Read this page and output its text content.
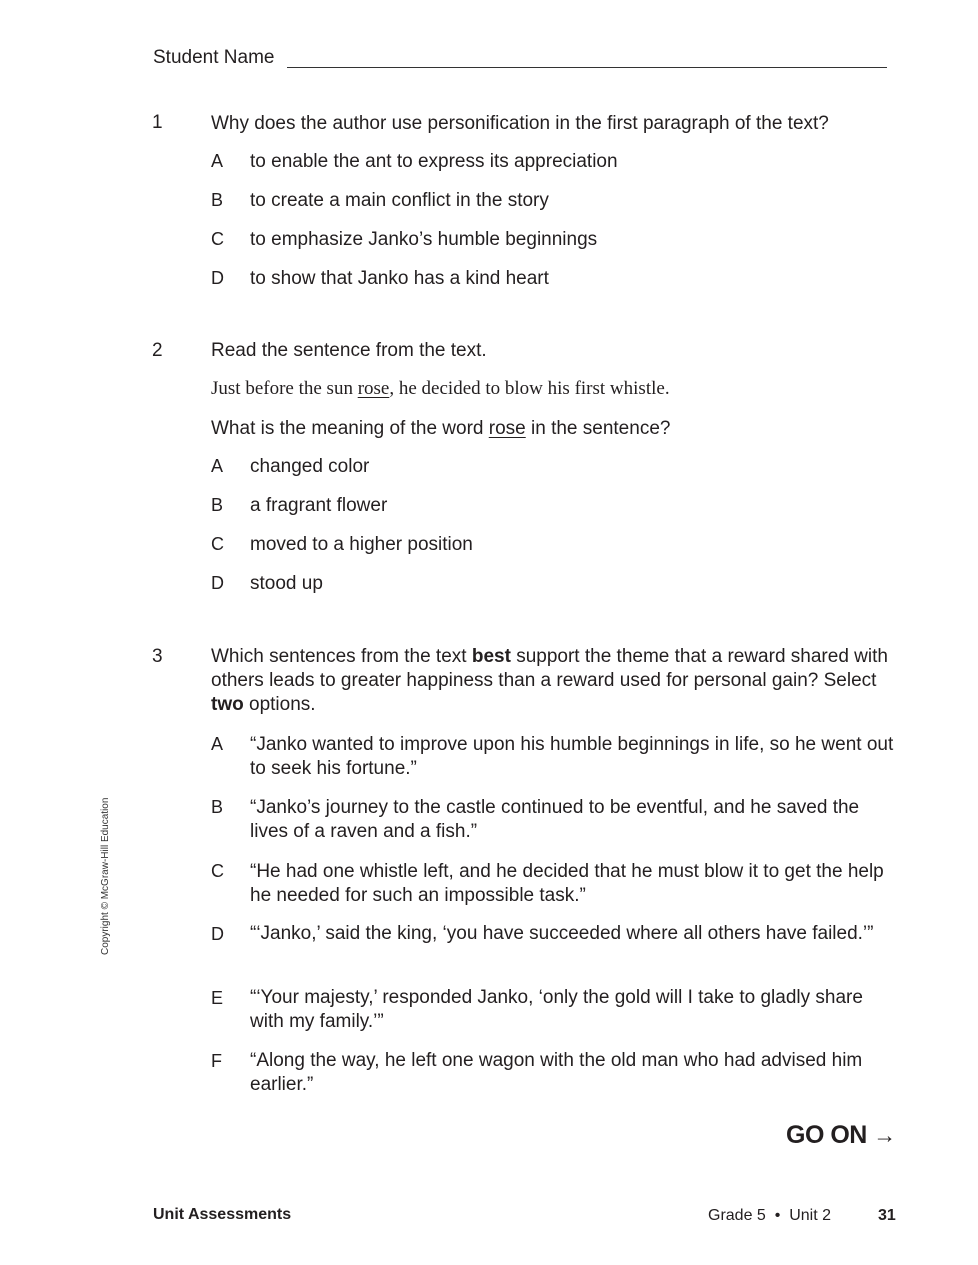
Student Name
1	Why does the author use personification in the first paragraph of the text?
A to enable the ant to express its appreciation
B to create a main conflict in the story
C to emphasize Janko’s humble beginnings
D to show that Janko has a kind heart
2	Read the sentence from the text.
Just before the sun rose, he decided to blow his first whistle.
What is the meaning of the word rose in the sentence?
A changed color
B a fragrant flower
C moved to a higher position
D stood up
3	Which sentences from the text best support the theme that a reward shared with others leads to greater happiness than a reward used for personal gain? Select two options.
A “Janko wanted to improve upon his humble beginnings in life, so he went out to seek his fortune.”
B “Janko’s journey to the castle continued to be eventful, and he saved the lives of a raven and a fish.”
C “He had one whistle left, and he decided that he must blow it to get the help he needed for such an impossible task.”
D “‘Janko,’ said the king, ‘you have succeeded where all others have failed.’”
E “‘Your majesty,’ responded Janko, ‘only the gold will I take to gladly share with my family.’”
F “Along the way, he left one wagon with the old man who had advised him earlier.”
Copyright © McGraw-Hill Education
GO ON →
Unit Assessments	Grade 5  •  Unit 2	31
